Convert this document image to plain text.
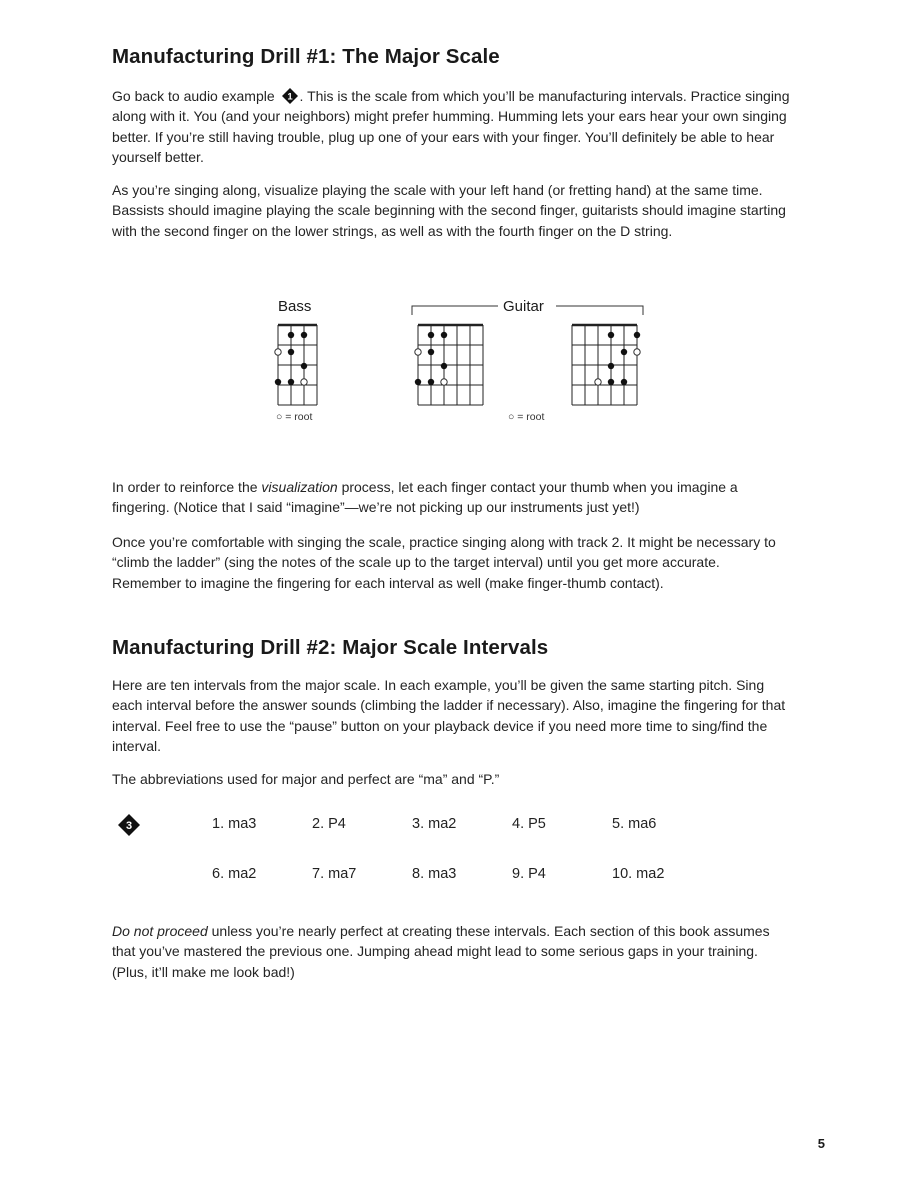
Manufacturing Drill #1: The Major Scale

Go back to audio example 1 . This is the scale from which you’ll be manufacturing intervals. Practice singing along with it. You (and your neighbors) might prefer humming. Humming lets your ears hear your own singing better. If you’re still having trouble, plug up one of your ears with your finger. You’ll definitely be able to hear yourself better.

As you’re singing along, visualize playing the scale with your left hand (or fretting hand) at the same time. Bassists should imagine playing the scale beginning with the second finger, guitarists should imagine starting with the second finger on the lower strings, as well as with the fourth finger on the D string.

Bass	Guitar
○ = root	○ = root

In order to reinforce the visualization process, let each finger contact your thumb when you imagine a fingering. (Notice that I said “imagine”—we’re not picking up our instruments just yet!)

Once you’re comfortable with singing the scale, practice singing along with track 2. It might be necessary to “climb the ladder” (sing the notes of the scale up to the target interval) until you get more accurate. Remember to imagine the fingering for each interval as well (make finger-thumb contact).

Manufacturing Drill #2: Major Scale Intervals

Here are ten intervals from the major scale. In each example, you’ll be given the same starting pitch. Sing each interval before the answer sounds (climbing the ladder if necessary). Also, imagine the fingering for that interval. Feel free to use the “pause” button on your playback device if you need more time to sing/find the interval.

The abbreviations used for major and perfect are “ma” and “P.”

3	1. ma3	2. P4	3. ma2	4. P5	5. ma6
6. ma2	7. ma7	8. ma3	9. P4	10. ma2

Do not proceed unless you’re nearly perfect at creating these intervals. Each section of this book assumes that you’ve mastered the previous one. Jumping ahead might lead to some serious gaps in your training. (Plus, it’ll make me look bad!)

5
